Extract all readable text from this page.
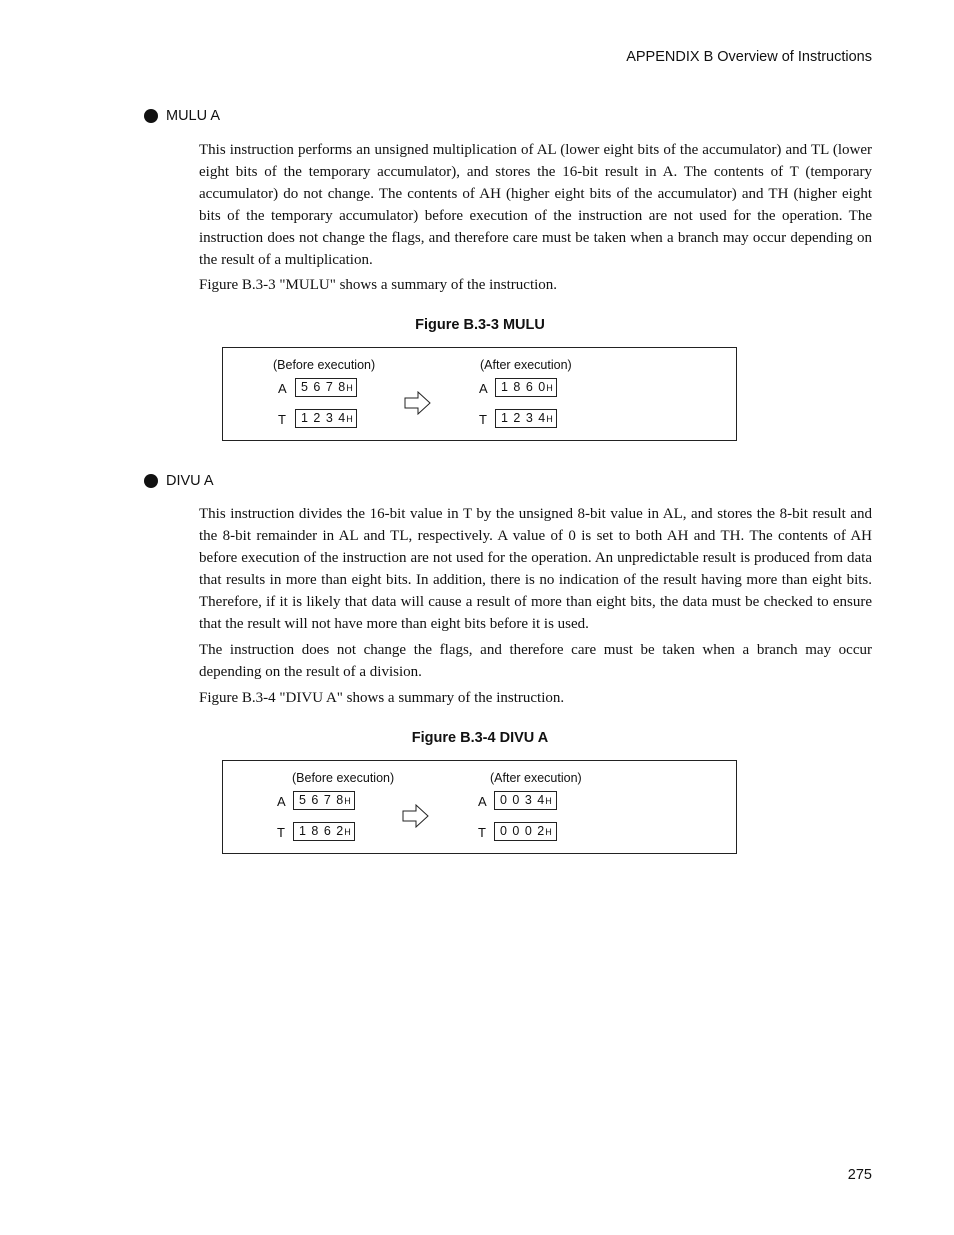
APPENDIX B Overview of Instructions
MULU A

This instruction performs an unsigned multiplication of AL (lower eight bits of the accumulator) and TL (lower eight bits of the temporary accumulator), and stores the 16-bit result in A. The contents of T (temporary accumulator) do not change. The contents of AH (higher eight bits of the accumulator) and TH (higher eight bits of the temporary accumulator) before execution of the instruction are not used for the operation. The instruction does not change the flags, and therefore care must be taken when a branch may occur depending on the result of a multiplication.

Figure B.3-3 "MULU" shows a summary of the instruction.

Figure B.3-3 MULU
(Before execution)	(After execution)
A	5 6 7 8H
T	1 2 3 4H
A	1 8 6 0H
T	1 2 3 4H
DIVU A

This instruction divides the 16-bit value in T by the unsigned 8-bit value in AL, and stores the 8-bit result and the 8-bit remainder in AL and TL, respectively. A value of 0 is set to both AH and TH. The contents of AH before execution of the instruction are not used for the operation. An unpredictable result is produced from data that results in more than eight bits. In addition, there is no indication of the result having more than eight bits. Therefore, if it is likely that data will cause a result of more than eight bits, the data must be checked to ensure that the result will not have more than eight bits before it is used.

The instruction does not change the flags, and therefore care must be taken when a branch may occur depending on the result of a division.

Figure B.3-4 "DIVU A" shows a summary of the instruction.

Figure B.3-4 DIVU A
(Before execution)	(After execution)
A	5 6 7 8H
T	1 8 6 2H
A	0 0 3 4H
T	0 0 0 2H
275
